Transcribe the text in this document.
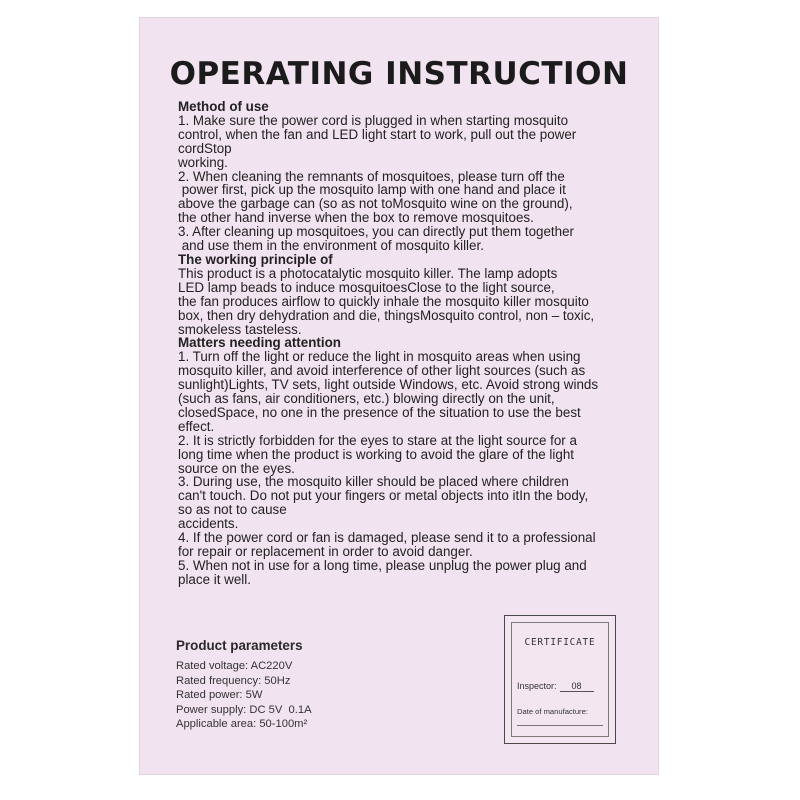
OPERATING INSTRUCTION
Method of use
1. Make sure the power cord is plugged in when starting mosquito
control, when the fan and LED light start to work, pull out the power
cordStop
working.
2. When cleaning the remnants of mosquitoes, please turn off the
power first, pick up the mosquito lamp with one hand and place it
above the garbage can (so as not toMosquito wine on the ground),
the other hand inverse when the box to remove mosquitoes.
3. After cleaning up mosquitoes, you can directly put them together
and use them in the environment of mosquito killer.
The working principle of
This product is a photocatalytic mosquito killer. The lamp adopts
LED lamp beads to induce mosquitoesClose to the light source,
the fan produces airflow to quickly inhale the mosquito killer mosquito
box, then dry dehydration and die, thingsMosquito control, non – toxic,
smokeless tasteless.
Matters needing attention
1. Turn off the light or reduce the light in mosquito areas when using
mosquito killer, and avoid interference of other light sources (such as
sunlight)Lights, TV sets, light outside Windows, etc. Avoid strong winds
(such as fans, air conditioners, etc.) blowing directly on the unit,
closedSpace, no one in the presence of the situation to use the best
effect.
2. It is strictly forbidden for the eyes to stare at the light source for a
long time when the product is working to avoid the glare of the light
source on the eyes.
3. During use, the mosquito killer should be placed where children
can't touch. Do not put your fingers or metal objects into itIn the body,
so as not to cause
accidents.
4. If the power cord or fan is damaged, please send it to a professional
for repair or replacement in order to avoid danger.
5. When not in use for a long time, please unplug the power plug and
place it well.
Product parameters
Rated voltage: AC220V
Rated frequency: 50Hz
Rated power: 5W
Power supply: DC 5V  0.1A
Applicable area: 50-100m²
CERTIFICATE
Inspector: 08
Date of manufacture:
